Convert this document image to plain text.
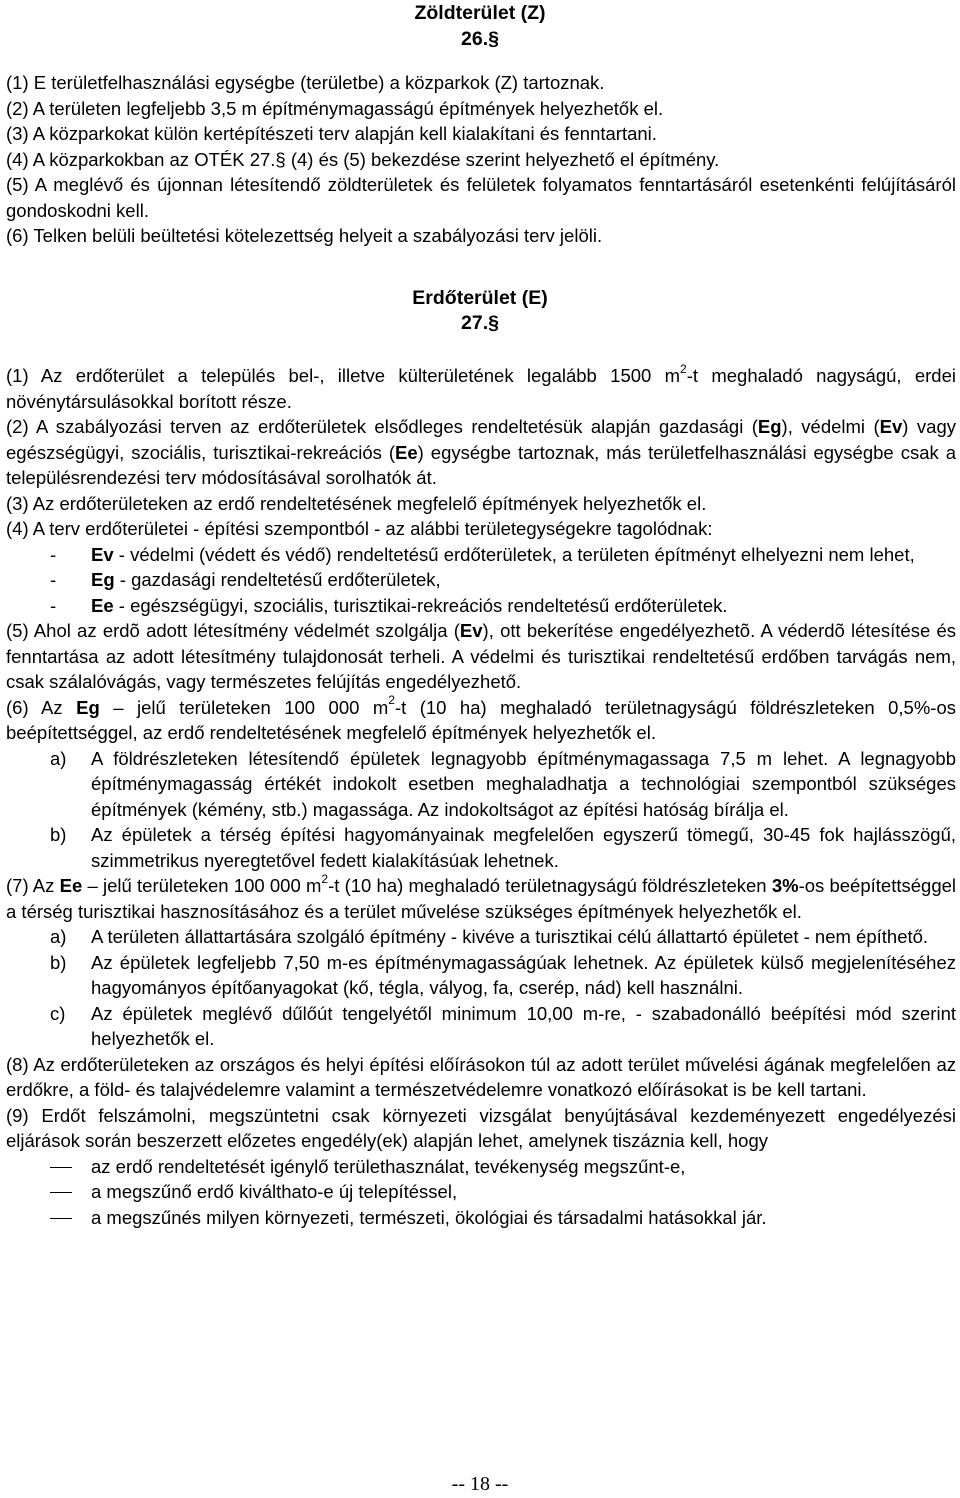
Zöldterület (Z)
26.§

(1) E területfelhasználási egységbe (területbe) a közparkok (Z) tartoznak.

(2) A területen legfeljebb 3,5 m építménymagasságú építmények helyezhetők el.

(3) A közparkokat külön kertépítészeti terv alapján kell kialakítani és fenntartani.

(4) A közparkokban az OTÉK 27.§ (4) és (5) bekezdése szerint helyezhető el építmény.

(5) A meglévő és újonnan létesítendő zöldterületek és felületek folyamatos fenntartásáról esetenkénti felújításáról gondoskodni kell.

(6) Telken belüli beültetési kötelezettség helyeit a szabályozási terv jelöli.

Erdőterület (E)
27.§

(1) Az erdőterület a település bel-, illetve külterületének legalább 1500 $m^2-t$ meghaladó nagyságú, erdei növénytársulásokkal borított része.

(2) A szabályozási terven az erdőterületek elsődleges rendeltetésük alapján gazdasági (Eg), védelmi (Ev) vagy egészségügyi, szociális, turisztikai-rekreációs (Ee) egységbe tartoznak, más területfelhasználási egységbe csak a településrendezési terv módosításával sorolhatók át.

(3) Az erdőterületeken az erdő rendeltetésének megfelelő építmények helyezhetők el.

(4) A terv erdőterületei - építési szempontból - az alábbi területegységekre tagolódnak:

- Ev - védelmi (védett és védő) rendeltetésű erdőterületek, a területen építményt elhelyezni nem lehet,

- Eg - gazdasági rendeltetésű erdőterületek,

- Ee - egészségügyi, szociális, turisztikai-rekreációs rendeltetésű erdőterületek.

(5) Ahol az erdõ adott létesítmény védelmét szolgálja (Ev), ott bekerítése engedélyezhetõ. A véderdõ létesítése és fenntartása az adott létesítmény tulajdonosát terheli. A védelmi és turisztikai rendeltetésű erdőben tarvágás nem, csak szálalóvágás, vagy természetes felújítás engedélyezhető.

(6) Az Eg – jelű területeken 100 000 $m^2-t$ (10 ha) meghaladó területnagyságú földrészleteken 0,5%-os beépítettséggel, az erdő rendeltetésének megfelelő építmények helyezhetők el.

a) A földrészleteken létesítendő épületek legnagyobb építménymagassaga 7,5 m lehet. A legnagyobb építménymagasság értékét indokolt esetben meghaladhatja a technológiai szempontból szükséges építmények (kémény, stb.) magassága. Az indokoltságot az építési hatóság bírálja el.

b) Az épületek a térség építési hagyományainak megfelelően egyszerű tömegű, 30-45 fok hajlásszögű, szimmetrikus nyeregtetővel fedett kialakításúak lehetnek.

(7) Az Ee – jelű területeken 100 000 $m^2-t$ (10 ha) meghaladó területnagyságú földrészleteken 3%-os beépítettséggel a térség turisztikai hasznosításához és a terület művelése szükséges építmények helyezhetők el.

a) A területen állattartására szolgáló építmény - kivéve a turisztikai célú állattartó épületet - nem építhető.

b) Az épületek legfeljebb 7,50 m-es építménymagasságúak lehetnek. Az épületek külső megjelenítéséhez hagyományos építőanyagokat (kő, tégla, vályog, fa, cserép, nád) kell használni.

c) Az épületek meglévő dűlőút tengelyétől minimum 10,00 m-re, - szabadonálló beépítési mód szerint helyezhetők el.

(8) Az erdőterületeken az országos és helyi építési előírásokon túl az adott terület művelési ágának megfelelően az erdőkre, a föld- és talajvédelemre valamint a természetvédelemre vonatkozó előírásokat is be kell tartani.

(9) Erdőt felszámolni, megszüntetni csak környezeti vizsgálat benyújtásával kezdeményezett engedélyezési eljárások során beszerzett előzetes engedély(ek) alapján lehet, amelynek tiszáznia kell, hogy

az erdő rendeltetését igénylő területhasználat, tevékenység megszűnt-e,

a megszűnő erdő kiválthato-e új telepítéssel,

a megszűnés milyen környezeti, természeti, ökológiai és társadalmi hatásokkal jár.

-- 18 --
